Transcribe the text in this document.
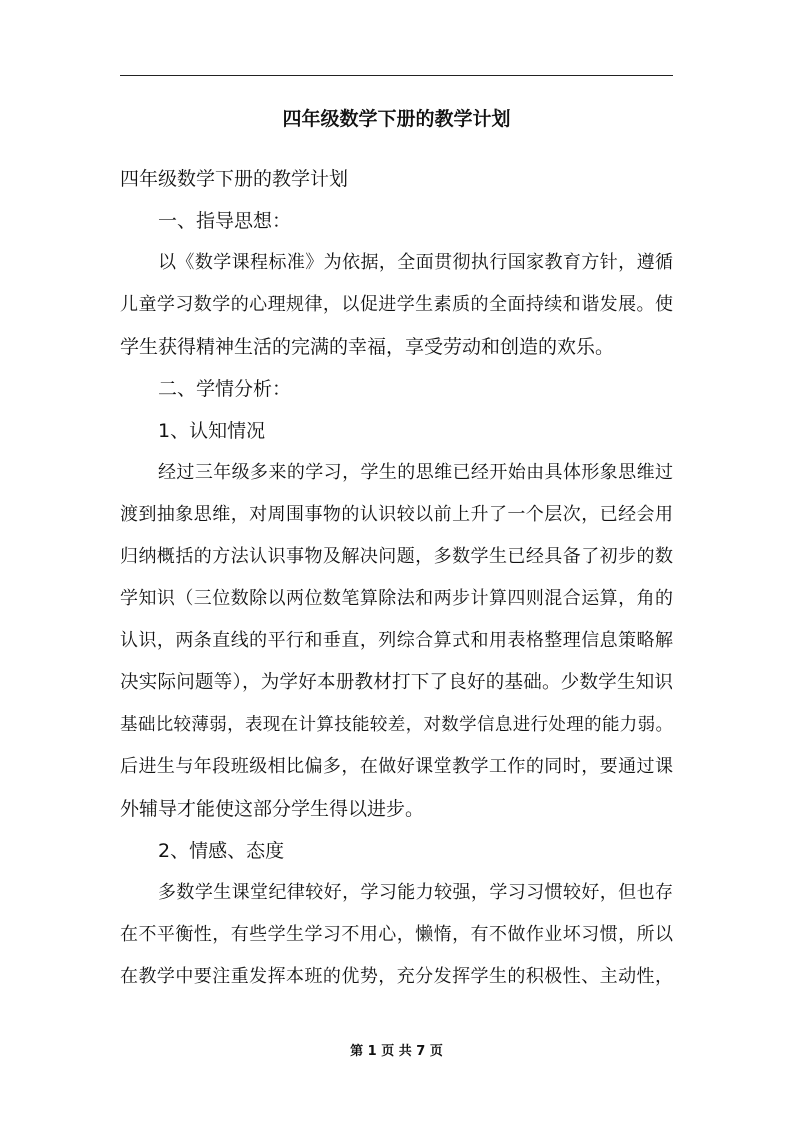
四年级数学下册的教学计划
四年级数学下册的教学计划
一、指导思想：
以《数学课程标准》为依据，全面贯彻执行国家教育方针，遵循
儿童学习数学的心理规律，以促进学生素质的全面持续和谐发展。使
学生获得精神生活的完满的幸福，享受劳动和创造的欢乐。
二、学情分析：
1、认知情况
经过三年级多来的学习，学生的思维已经开始由具体形象思维过
渡到抽象思维，对周围事物的认识较以前上升了一个层次，已经会用
归纳概括的方法认识事物及解决问题，多数学生已经具备了初步的数
学知识（三位数除以两位数笔算除法和两步计算四则混合运算，角的
认识，两条直线的平行和垂直，列综合算式和用表格整理信息策略解
决实际问题等），为学好本册教材打下了良好的基础。少数学生知识
基础比较薄弱，表现在计算技能较差，对数学信息进行处理的能力弱。
后进生与年段班级相比偏多，在做好课堂教学工作的同时，要通过课
外辅导才能使这部分学生得以进步。
2、情感、态度
多数学生课堂纪律较好，学习能力较强，学习习惯较好，但也存
在不平衡性，有些学生学习不用心，懒惰，有不做作业坏习惯，所以
在教学中要注重发挥本班的优势，充分发挥学生的积极性、主动性，
第 1 页 共 7 页
